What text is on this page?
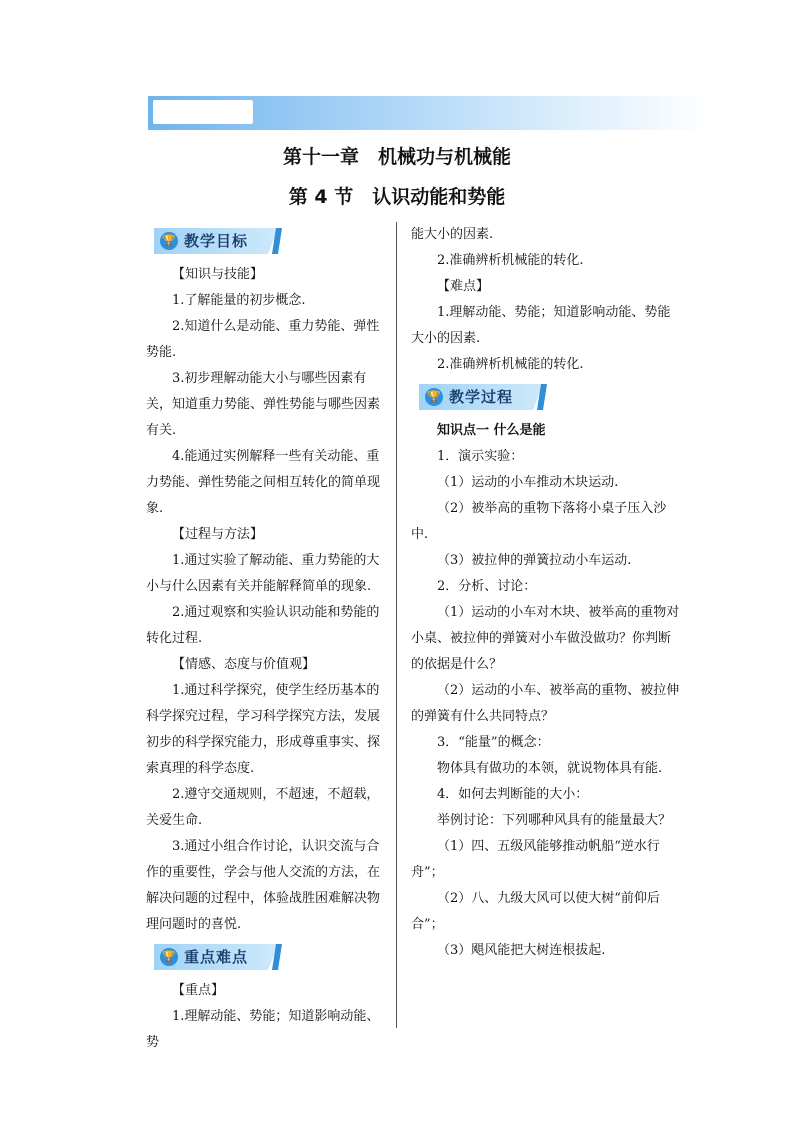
第十一章　机械功与机械能
第 4 节　认识动能和势能
🏆 教学目标

【知识与技能】

1.了解能量的初步概念.

2.知道什么是动能、重力势能、弹性势能.

3.初步理解动能大小与哪些因素有关，知道重力势能、弹性势能与哪些因素有关.

4.能通过实例解释一些有关动能、重力势能、弹性势能之间相互转化的简单现象.

【过程与方法】

1.通过实验了解动能、重力势能的大小与什么因素有关并能解释简单的现象.

2.通过观察和实验认识动能和势能的转化过程.

【情感、态度与价值观】

1.通过科学探究，使学生经历基本的科学探究过程，学习科学探究方法，发展初步的科学探究能力，形成尊重事实、探索真理的科学态度.

2.遵守交通规则，不超速，不超载，关爱生命.

3.通过小组合作讨论，认识交流与合作的重要性，学会与他人交流的方法，在解决问题的过程中，体验战胜困难解决物理问题时的喜悦.

🏆 重点难点

【重点】

1.理解动能、势能；知道影响动能、势

能大小的因素.

2.准确辨析机械能的转化.

【难点】

1.理解动能、势能；知道影响动能、势能大小的因素.

2.准确辨析机械能的转化.

🏆 教学过程

知识点一 什么是能

1．演示实验：

（1）运动的小车推动木块运动.

（2）被举高的重物下落将小桌子压入沙中.

（3）被拉伸的弹簧拉动小车运动.

2．分析、讨论：

（1）运动的小车对木块、被举高的重物对小桌、被拉伸的弹簧对小车做没做功？你判断的依据是什么？

（2）运动的小车、被举高的重物、被拉伸的弹簧有什么共同特点？

3．“能量”的概念：

物体具有做功的本领，就说物体具有能.

4．如何去判断能的大小：

举例讨论：下列哪种风具有的能量最大？

（1）四、五级风能够推动帆船“逆水行舟”；

（2）八、九级大风可以使大树“前仰后合”；

（3）飓风能把大树连根拔起.
